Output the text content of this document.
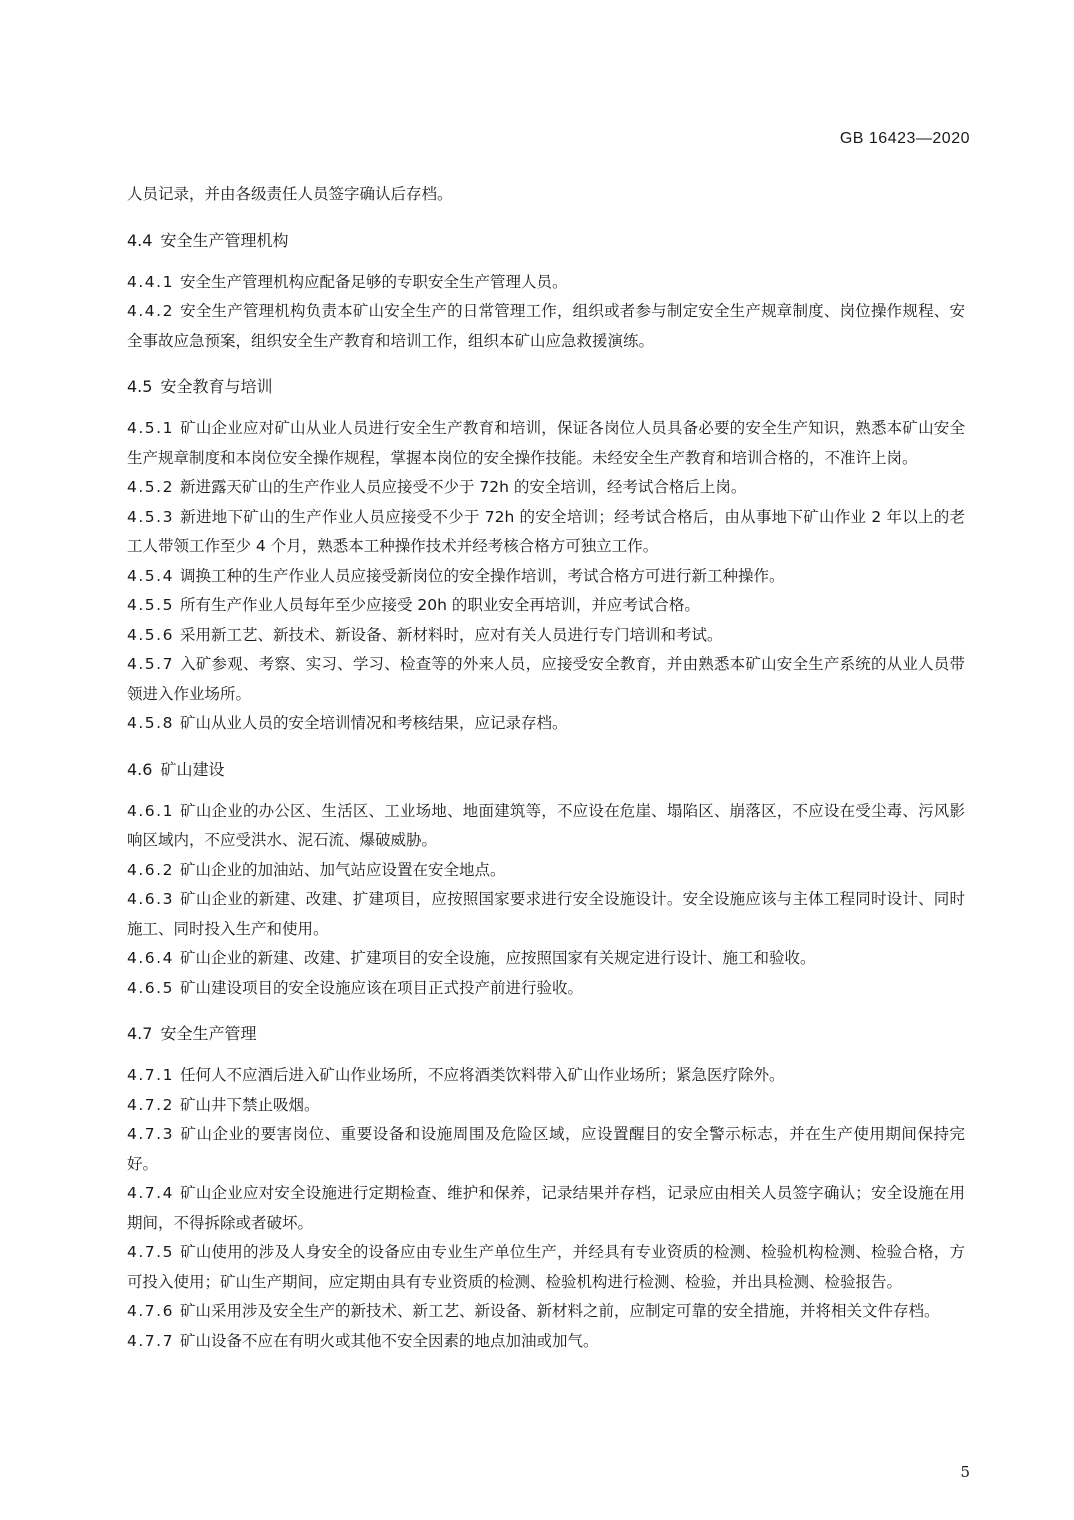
GB 16423—2020

人员记录，并由各级责任人员签字确认后存档。

4.4 安全生产管理机构

4.4.1 安全生产管理机构应配备足够的专职安全生产管理人员。

4.4.2 安全生产管理机构负责本矿山安全生产的日常管理工作，组织或者参与制定安全生产规章制度、岗位操作规程、安全事故应急预案，组织安全生产教育和培训工作，组织本矿山应急救援演练。

4.5 安全教育与培训

4.5.1 矿山企业应对矿山从业人员进行安全生产教育和培训，保证各岗位人员具备必要的安全生产知识，熟悉本矿山安全生产规章制度和本岗位安全操作规程，掌握本岗位的安全操作技能。未经安全生产教育和培训合格的，不准许上岗。

4.5.2 新进露天矿山的生产作业人员应接受不少于 72h 的安全培训，经考试合格后上岗。

4.5.3 新进地下矿山的生产作业人员应接受不少于 72h 的安全培训；经考试合格后，由从事地下矿山作业 2 年以上的老工人带领工作至少 4 个月，熟悉本工种操作技术并经考核合格方可独立工作。

4.5.4 调换工种的生产作业人员应接受新岗位的安全操作培训，考试合格方可进行新工种操作。

4.5.5 所有生产作业人员每年至少应接受 20h 的职业安全再培训，并应考试合格。

4.5.6 采用新工艺、新技术、新设备、新材料时，应对有关人员进行专门培训和考试。

4.5.7 入矿参观、考察、实习、学习、检查等的外来人员，应接受安全教育，并由熟悉本矿山安全生产系统的从业人员带领进入作业场所。

4.5.8 矿山从业人员的安全培训情况和考核结果，应记录存档。

4.6 矿山建设

4.6.1 矿山企业的办公区、生活区、工业场地、地面建筑等，不应设在危崖、塌陷区、崩落区，不应设在受尘毒、污风影响区域内，不应受洪水、泥石流、爆破威胁。

4.6.2 矿山企业的加油站、加气站应设置在安全地点。

4.6.3 矿山企业的新建、改建、扩建项目，应按照国家要求进行安全设施设计。安全设施应该与主体工程同时设计、同时施工、同时投入生产和使用。

4.6.4 矿山企业的新建、改建、扩建项目的安全设施，应按照国家有关规定进行设计、施工和验收。

4.6.5 矿山建设项目的安全设施应该在项目正式投产前进行验收。

4.7 安全生产管理

4.7.1 任何人不应酒后进入矿山作业场所，不应将酒类饮料带入矿山作业场所；紧急医疗除外。

4.7.2 矿山井下禁止吸烟。

4.7.3 矿山企业的要害岗位、重要设备和设施周围及危险区域，应设置醒目的安全警示标志，并在生产使用期间保持完好。

4.7.4 矿山企业应对安全设施进行定期检查、维护和保养，记录结果并存档，记录应由相关人员签字确认；安全设施在用期间，不得拆除或者破坏。

4.7.5 矿山使用的涉及人身安全的设备应由专业生产单位生产，并经具有专业资质的检测、检验机构检测、检验合格，方可投入使用；矿山生产期间，应定期由具有专业资质的检测、检验机构进行检测、检验，并出具检测、检验报告。

4.7.6 矿山采用涉及安全生产的新技术、新工艺、新设备、新材料之前，应制定可靠的安全措施，并将相关文件存档。

4.7.7 矿山设备不应在有明火或其他不安全因素的地点加油或加气。

5
